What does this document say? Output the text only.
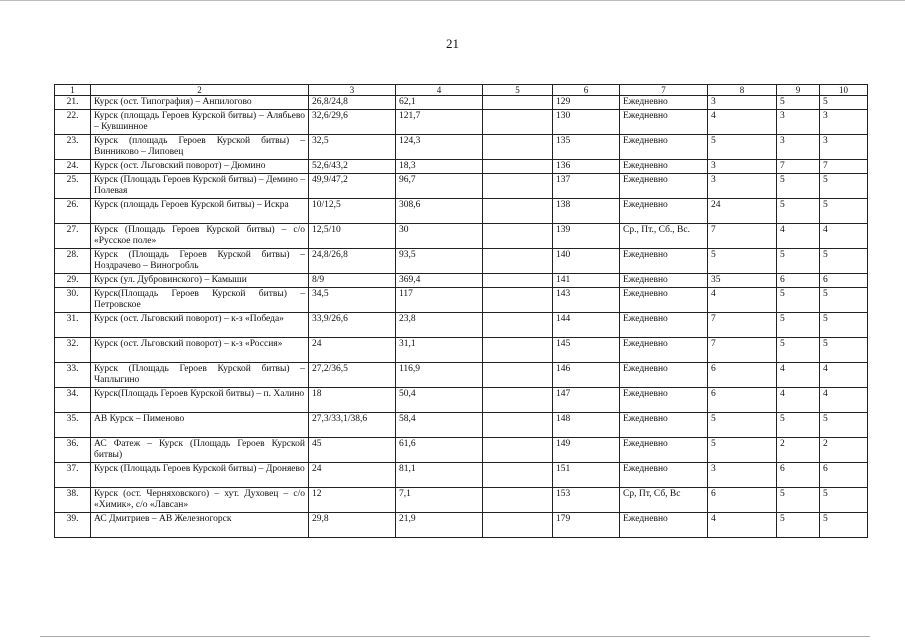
21
1	2	3	4	5	6	7	8	9	10
21.	Курск (ост. Типография) – Анпилогово	26,8/24,8	62,1		129	Ежедневно	3	5	5
22.	Курск (площадь Героев Курской битвы) – Алябьево – Кувшинное	32,6/29,6	121,7		130	Ежедневно	4	3	3
23.	Курск (площадь Героев Курской битвы) – Винниково – Липовец	32,5	124,3		135	Ежедневно	5	3	3
24.	Курск (ост. Льговский поворот) – Дюмино	52,6/43,2	18,3		136	Ежедневно	3	7	7
25.	Курск (Площадь Героев Курской битвы) – Демино – Полевая	49,9/47,2	96,7		137	Ежедневно	3	5	5
26.	Курск (площадь Героев Курской битвы) – Искра	10/12,5	308,6		138	Ежедневно	24	5	5
27.	Курск (Площадь Героев Курской битвы) – с/о «Русское поле»	12,5/10	30		139	Ср., Пт., Сб., Вс.	7	4	4
28.	Курск (Площадь Героев Курской битвы) – Ноздрачево – Виногробль	24,8/26,8	93,5		140	Ежедневно	5	5	5
29.	Курск (ул. Дубровинского) – Камыши	8/9	369,4		141	Ежедневно	35	6	6
30.	Курск(Площадь Героев Курской битвы) – Петровское	34,5	117		143	Ежедневно	4	5	5
31.	Курск (ост. Льговский поворот) – к-з «Победа»	33,9/26,6	23,8		144	Ежедневно	7	5	5
32.	Курск (ост. Льговский поворот) – к-з «Россия»	24	31,1		145	Ежедневно	7	5	5
33.	Курск (Площадь Героев Курской битвы) – Чаплыгино	27,2/36,5	116,9		146	Ежедневно	6	4	4
34.	Курск(Площадь Героев Курской битвы) – п. Халино	18	50,4		147	Ежедневно	6	4	4
35.	АВ Курск – Пименово	27,3/33,1/38,6	58,4		148	Ежедневно	5	5	5
36.	АС Фатеж – Курск (Площадь Героев Курской битвы)	45	61,6		149	Ежедневно	5	2	2
37.	Курск (Площадь Героев Курской битвы) – Дроняево	24	81,1		151	Ежедневно	3	6	6
38.	Курск (ост. Черняховского) – хут. Духовец – с/о «Химик», с/о «Лавсан»	12	7,1		153	Ср, Пт, Сб, Вс	6	5	5
39.	АС Дмитриев – АВ Железногорск	29,8	21,9		179	Ежедневно	4	5	5
